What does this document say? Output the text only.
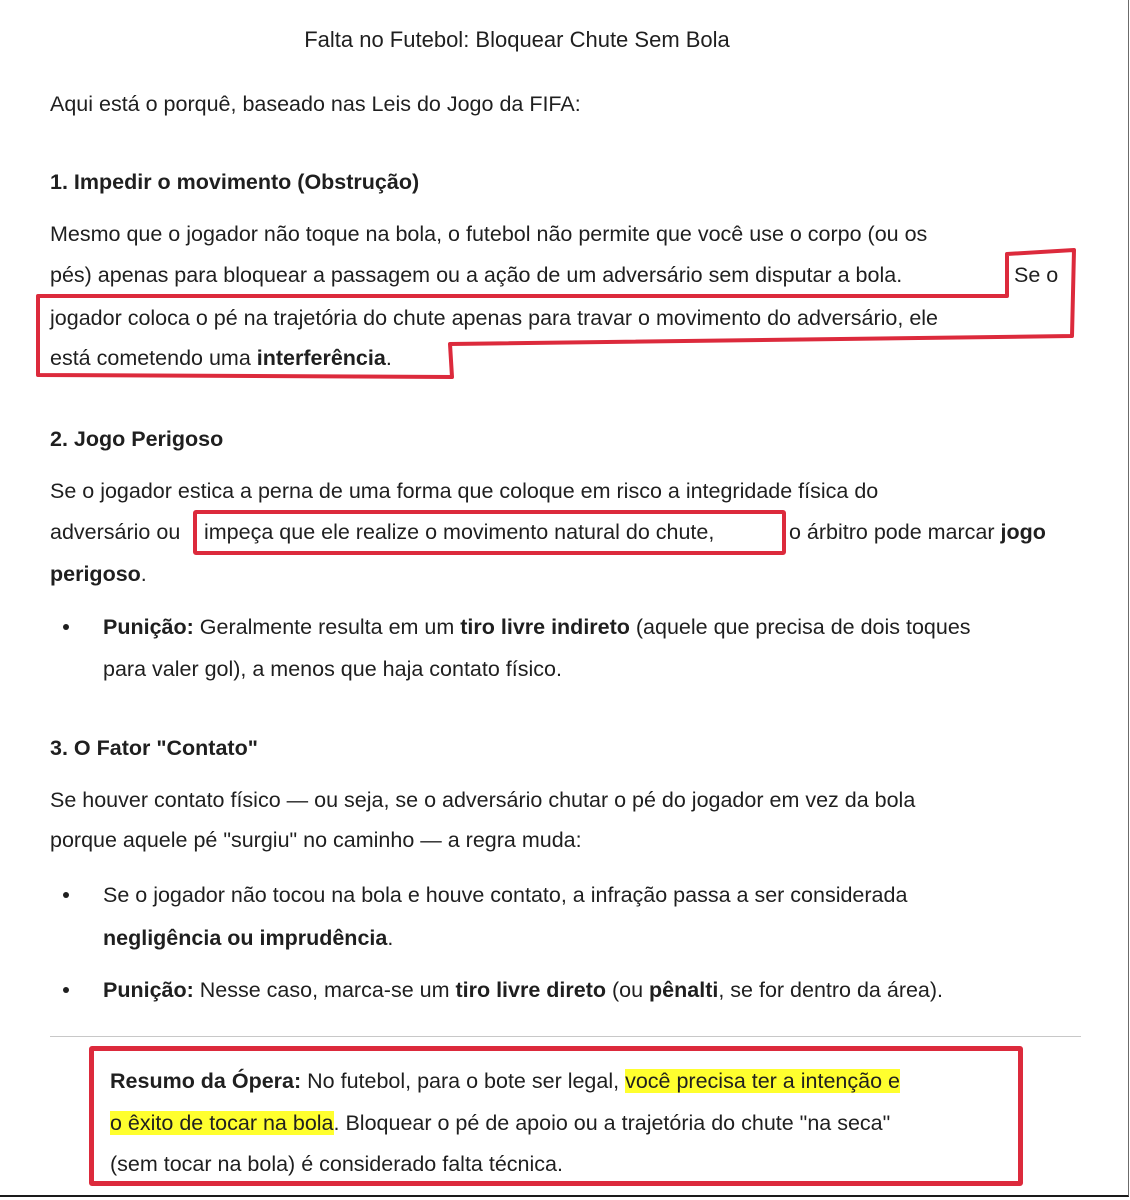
Falta no Futebol: Bloquear Chute Sem Bola
Aqui está o porquê, baseado nas Leis do Jogo da FIFA:
1. Impedir o movimento (Obstrução)
Mesmo que o jogador não toque na bola, o futebol não permite que você use o corpo (ou os
pés) apenas para bloquear a passagem ou a ação de um adversário sem disputar a bola.	Se o
jogador coloca o pé na trajetória do chute apenas para travar o movimento do adversário, ele
está cometendo uma interferência.
2. Jogo Perigoso
Se o jogador estica a perna de uma forma que coloque em risco a integridade física do
adversário ou impeça que ele realize o movimento natural do chute,	o árbitro pode marcar jogo
perigoso.
Punição: Geralmente resulta em um tiro livre indireto (aquele que precisa de dois toques
para valer gol), a menos que haja contato físico.
3. O Fator "Contato"
Se houver contato físico — ou seja, se o adversário chutar o pé do jogador em vez da bola
porque aquele pé "surgiu" no caminho — a regra muda:
Se o jogador não tocou na bola e houve contato, a infração passa a ser considerada
negligência ou imprudência.
Punição: Nesse caso, marca-se um tiro livre direto (ou pênalti, se for dentro da área).
Resumo da Ópera: No futebol, para o bote ser legal, você precisa ter a intenção e
o êxito de tocar na bola. Bloquear o pé de apoio ou a trajetória do chute "na seca"
(sem tocar na bola) é considerado falta técnica.
